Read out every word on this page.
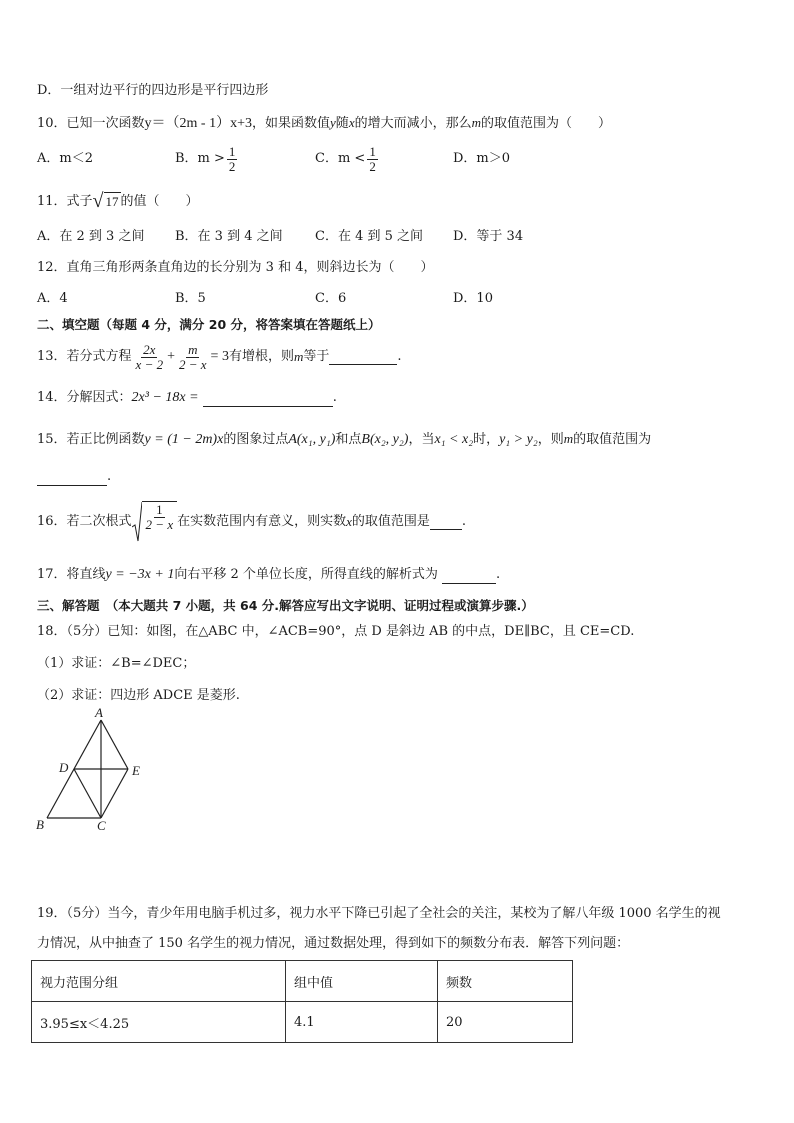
D．一组对边平行的四边形是平行四边形
10．已知一次函数y＝（2m - 1）x+3，如果函数值y随x的增大而减小，那么m的取值范围为（　　）
A．m＜2	B．$m > \frac{1}{2}$	C．$m < \frac{1}{2}$	D．m＞0
11．式子 √ 17 的值（　　）
A．在 2 到 3 之间 B．在 3 到 4 之间 C．在 4 到 5 之间 D．等于 34
12．直角三角形两条直角边的长分别为 3 和 4，则斜边长为（　　）
A．4	B．5	C．6	D．10
二、填空题（每题 4 分，满分 20 分，将答案填在答题纸上）
13．若分式方程 $\frac{2x}{x - 2} + \frac{m}{2 - x} = 3$ 有增根，则 m 等于	.
14．分解因式：2x³ − 18x =	.
15．若正比例函数y = (1 − 2m)x的图象过点A(x₁, y₁)和点B(x₂, y₂)，当x₁ < x₂时，y₁ > y₂，则m的取值范围为
.
16．若二次根式 $\frac{1}{2 - x}$ 在实数范围内有意义，则实数 x 的取值范围是 .
17．将直线y = −3x + 1向右平移 2 个单位长度，所得直线的解析式为	.
三、解答题　（本大题共 7 小题，共 64 分.解答应写出文字说明、证明过程或演算步骤.）
18．（5分）已知：如图，在△ABC 中，∠ACB=90°，点 D 是斜边 AB 的中点，DE∥BC，且 CE=CD.
（1）求证：∠B=∠DEC；
（2）求证：四边形 ADCE 是菱形.
A
B	C
D	E
19．（5分）当今，青少年用电脑手机过多，视力水平下降已引起了全社会的关注，某校为了解八年级 1000 名学生的视
力情况，从中抽查了 150 名学生的视力情况，通过数据处理，得到如下的频数分布表．解答下列问题：
视力范围分组	组中值	频数
3.95≤x＜4.25	4.1	20
